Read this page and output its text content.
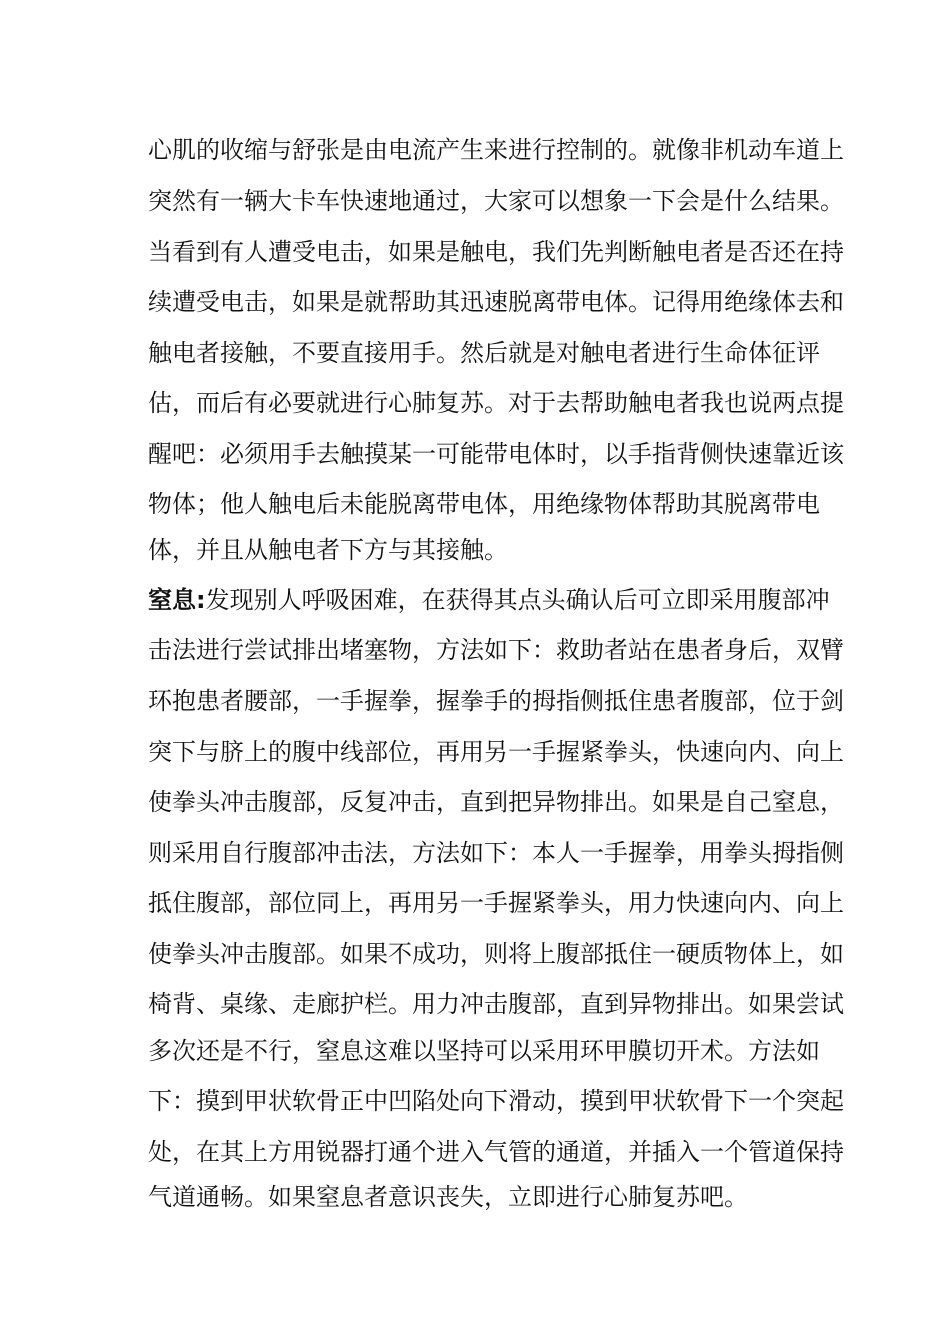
心肌的收缩与舒张是由电流产生来进行控制的。就像非机动车道上
突然有一辆大卡车快速地通过，大家可以想象一下会是什么结果。
当看到有人遭受电击，如果是触电，我们先判断触电者是否还在持
续遭受电击，如果是就帮助其迅速脱离带电体。记得用绝缘体去和
触电者接触，不要直接用手。然后就是对触电者进行生命体征评
估，而后有必要就进行心肺复苏。对于去帮助触电者我也说两点提
醒吧：必须用手去触摸某一可能带电体时，以手指背侧快速靠近该
物体；他人触电后未能脱离带电体，用绝缘物体帮助其脱离带电
体，并且从触电者下方与其接触。
窒息:发现别人呼吸困难，在获得其点头确认后可立即采用腹部冲
击法进行尝试排出堵塞物，方法如下：救助者站在患者身后，双臂
环抱患者腰部，一手握拳，握拳手的拇指侧抵住患者腹部，位于剑
突下与脐上的腹中线部位，再用另一手握紧拳头，快速向内、向上
使拳头冲击腹部，反复冲击，直到把异物排出。如果是自己窒息，
则采用自行腹部冲击法，方法如下：本人一手握拳，用拳头拇指侧
抵住腹部，部位同上，再用另一手握紧拳头，用力快速向内、向上
使拳头冲击腹部。如果不成功，则将上腹部抵住一硬质物体上，如
椅背、桌缘、走廊护栏。用力冲击腹部，直到异物排出。如果尝试
多次还是不行，窒息这难以坚持可以采用环甲膜切开术。方法如
下：摸到甲状软骨正中凹陷处向下滑动，摸到甲状软骨下一个突起
处，在其上方用锐器打通个进入气管的通道，并插入一个管道保持
气道通畅。如果窒息者意识丧失，立即进行心肺复苏吧。
